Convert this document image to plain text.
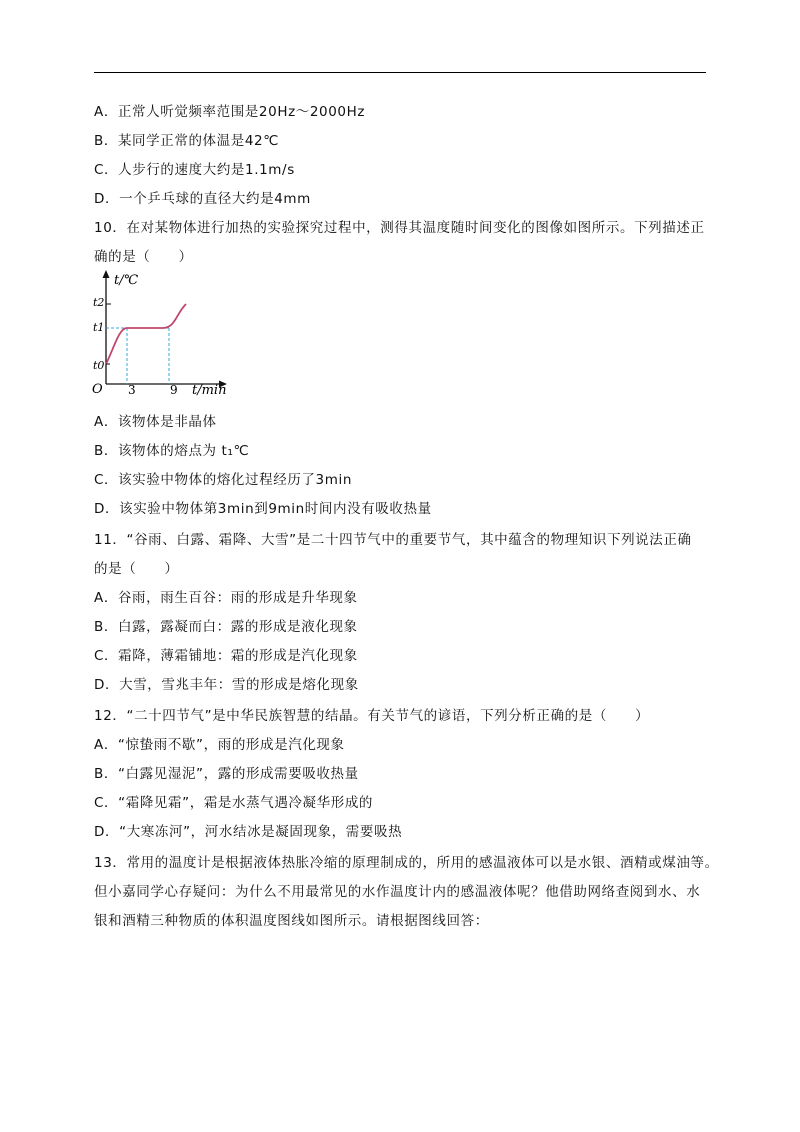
A．正常人听觉频率范围是20Hz～2000Hz
B．某同学正常的体温是42℃
C．人步行的速度大约是1.1m/s
D．一个乒乓球的直径大约是4mm
10．在对某物体进行加热的实验探究过程中，测得其温度随时间变化的图像如图所示。下列描述正
确的是（　　）
t/℃
t2
t1
t0
O 3	9 t/min
A．该物体是非晶体
B．该物体的熔点为 t₁℃
C．该实验中物体的熔化过程经历了3min
D．该实验中物体第3min到9min时间内没有吸收热量
11．“谷雨、白露、霜降、大雪”是二十四节气中的重要节气，其中蕴含的物理知识下列说法正确
的是（　　）
A．谷雨，雨生百谷：雨的形成是升华现象
B．白露，露凝而白：露的形成是液化现象
C．霜降，薄霜铺地：霜的形成是汽化现象
D．大雪，雪兆丰年：雪的形成是熔化现象
12．“二十四节气”是中华民族智慧的结晶。有关节气的谚语，下列分析正确的是（　　）
A．“惊蛰雨不歇”，雨的形成是汽化现象
B．“白露见湿泥”，露的形成需要吸收热量
C．“霜降见霜”，霜是水蒸气遇冷凝华形成的
D．“大寒冻河”，河水结冰是凝固现象，需要吸热
13．常用的温度计是根据液体热胀冷缩的原理制成的，所用的感温液体可以是水银、酒精或煤油等。
但小嘉同学心存疑问：为什么不用最常见的水作温度计内的感温液体呢？他借助网络查阅到水、水
银和酒精三种物质的体积温度图线如图所示。请根据图线回答：
